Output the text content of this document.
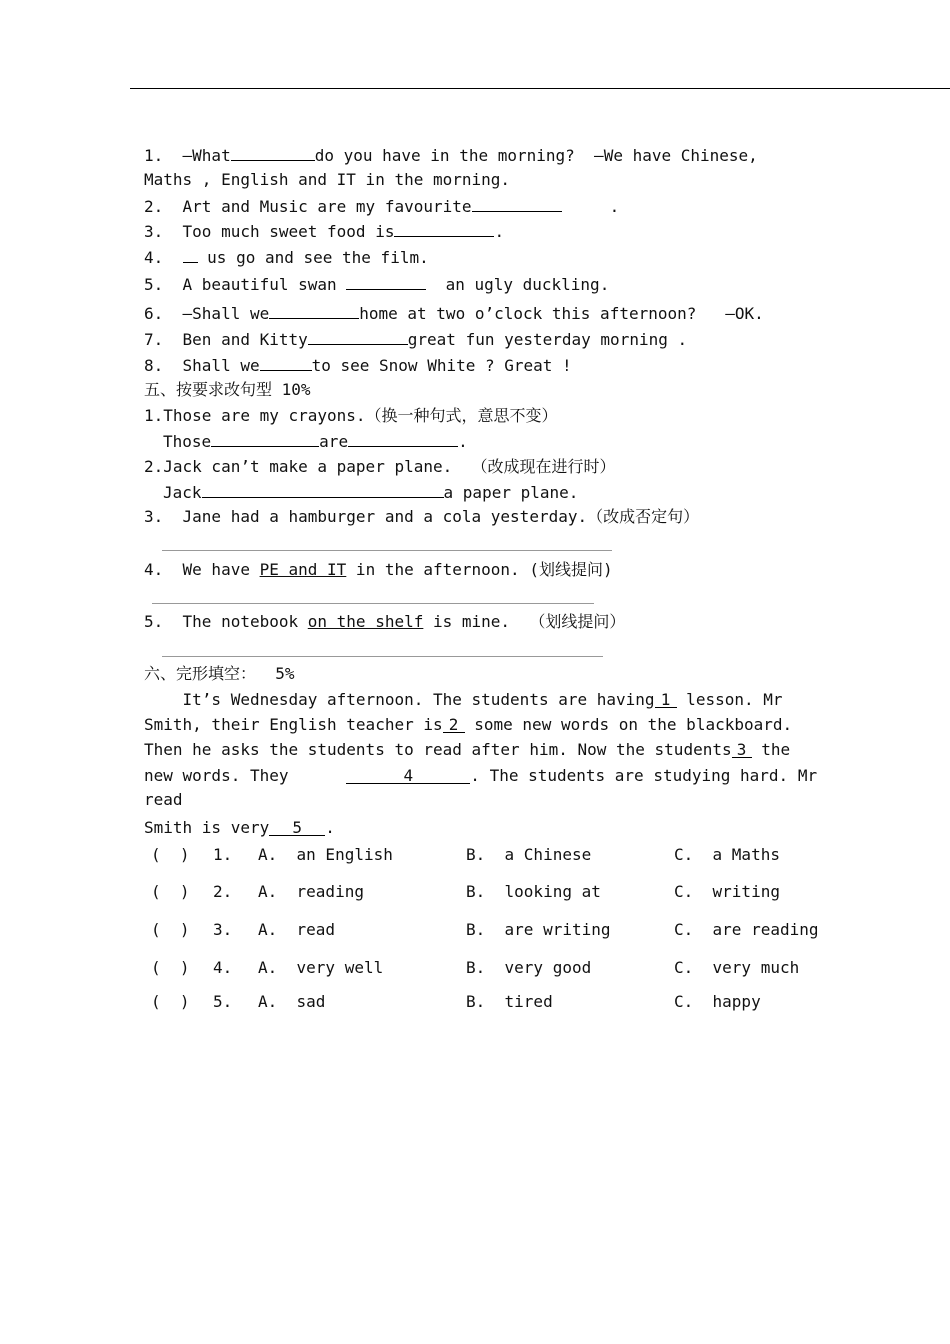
1.  —What	do you have in the morning?  —We have Chinese,
Maths , English and IT in the morning.
2.  Art and Music are my favourite	.
3.  Too much sweet food is	.
4.   us go and see the film.
5.  A beautiful swan	an ugly duckling.
6.  —Shall we	home at two o’clock this afternoon?   —OK.
7.  Ben and Kitty	great fun yesterday morning .
8.  Shall we	to see Snow White ? Great !
五、按要求改句型 10%
1.Those are my crayons.（换一种句式，意思不变）
Those	are	.
2.Jack can’t make a paper plane.  （改成现在进行时）
Jack	a paper plane.
3.  Jane had a hamburger and a cola yesterday.（改成否定句）
4.  We have PE and IT in the afternoon. (划线提问)
5.  The notebook on the shelf is mine.  （划线提问）
六、完形填空：  5%
It’s Wednesday afternoon. The students are having 1 lesson. Mr
Smith, their English teacher is 2 some new words on the blackboard.
Then he asks the students to read after him. Now the students 3 the
new words. They	4	. The students are studying hard. Mr
read
Smith is very 5 .
(  ) 1. A.  an English	B.  a Chinese	C.  a Maths
(  ) 2. A.  reading	B.  looking at	C.  writing
(  ) 3. A.  read	B.  are writing	C.  are reading
(  ) 4. A.  very well	B.  very good	C.  very much
(  ) 5. A.  sad	B.  tired	C.  happy
